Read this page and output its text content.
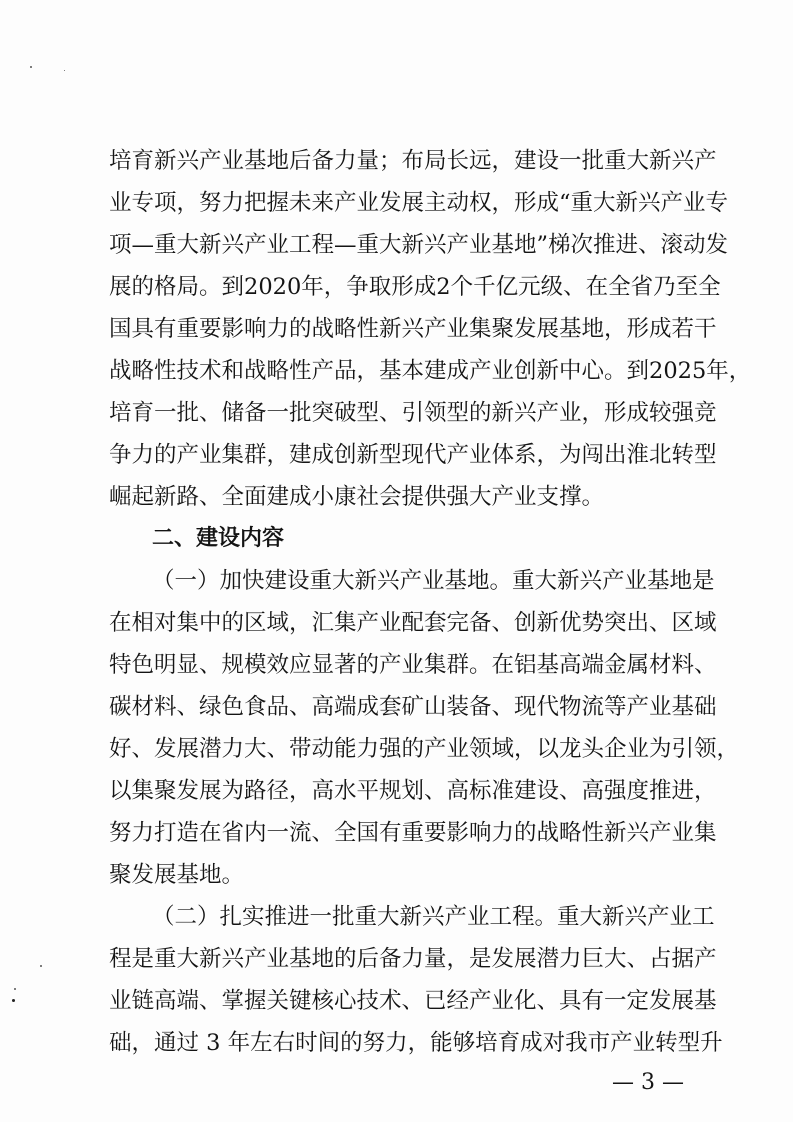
培育新兴产业基地后备力量；布局长远，建设一批重大新兴产
业专项，努力把握未来产业发展主动权，形成“重大新兴产业专
项—重大新兴产业工程—重大新兴产业基地”梯次推进、滚动发
展的格局。到2020年，争取形成2个千亿元级、在全省乃至全
国具有重要影响力的战略性新兴产业集聚发展基地，形成若干
战略性技术和战略性产品，基本建成产业创新中心。到2025年，
培育一批、储备一批突破型、引领型的新兴产业，形成较强竞
争力的产业集群，建成创新型现代产业体系，为闯出淮北转型
崛起新路、全面建成小康社会提供强大产业支撑。
二、建设内容
（一）加快建设重大新兴产业基地。重大新兴产业基地是
在相对集中的区域，汇集产业配套完备、创新优势突出、区域
特色明显、规模效应显著的产业集群。在铝基高端金属材料、
碳材料、绿色食品、高端成套矿山装备、现代物流等产业基础
好、发展潜力大、带动能力强的产业领域，以龙头企业为引领，
以集聚发展为路径，高水平规划、高标准建设、高强度推进，
努力打造在省内一流、全国有重要影响力的战略性新兴产业集
聚发展基地。
（二）扎实推进一批重大新兴产业工程。重大新兴产业工
程是重大新兴产业基地的后备力量，是发展潜力巨大、占据产
业链高端、掌握关键核心技术、已经产业化、具有一定发展基
础，通过 3 年左右时间的努力，能够培育成对我市产业转型升
— 3 —
